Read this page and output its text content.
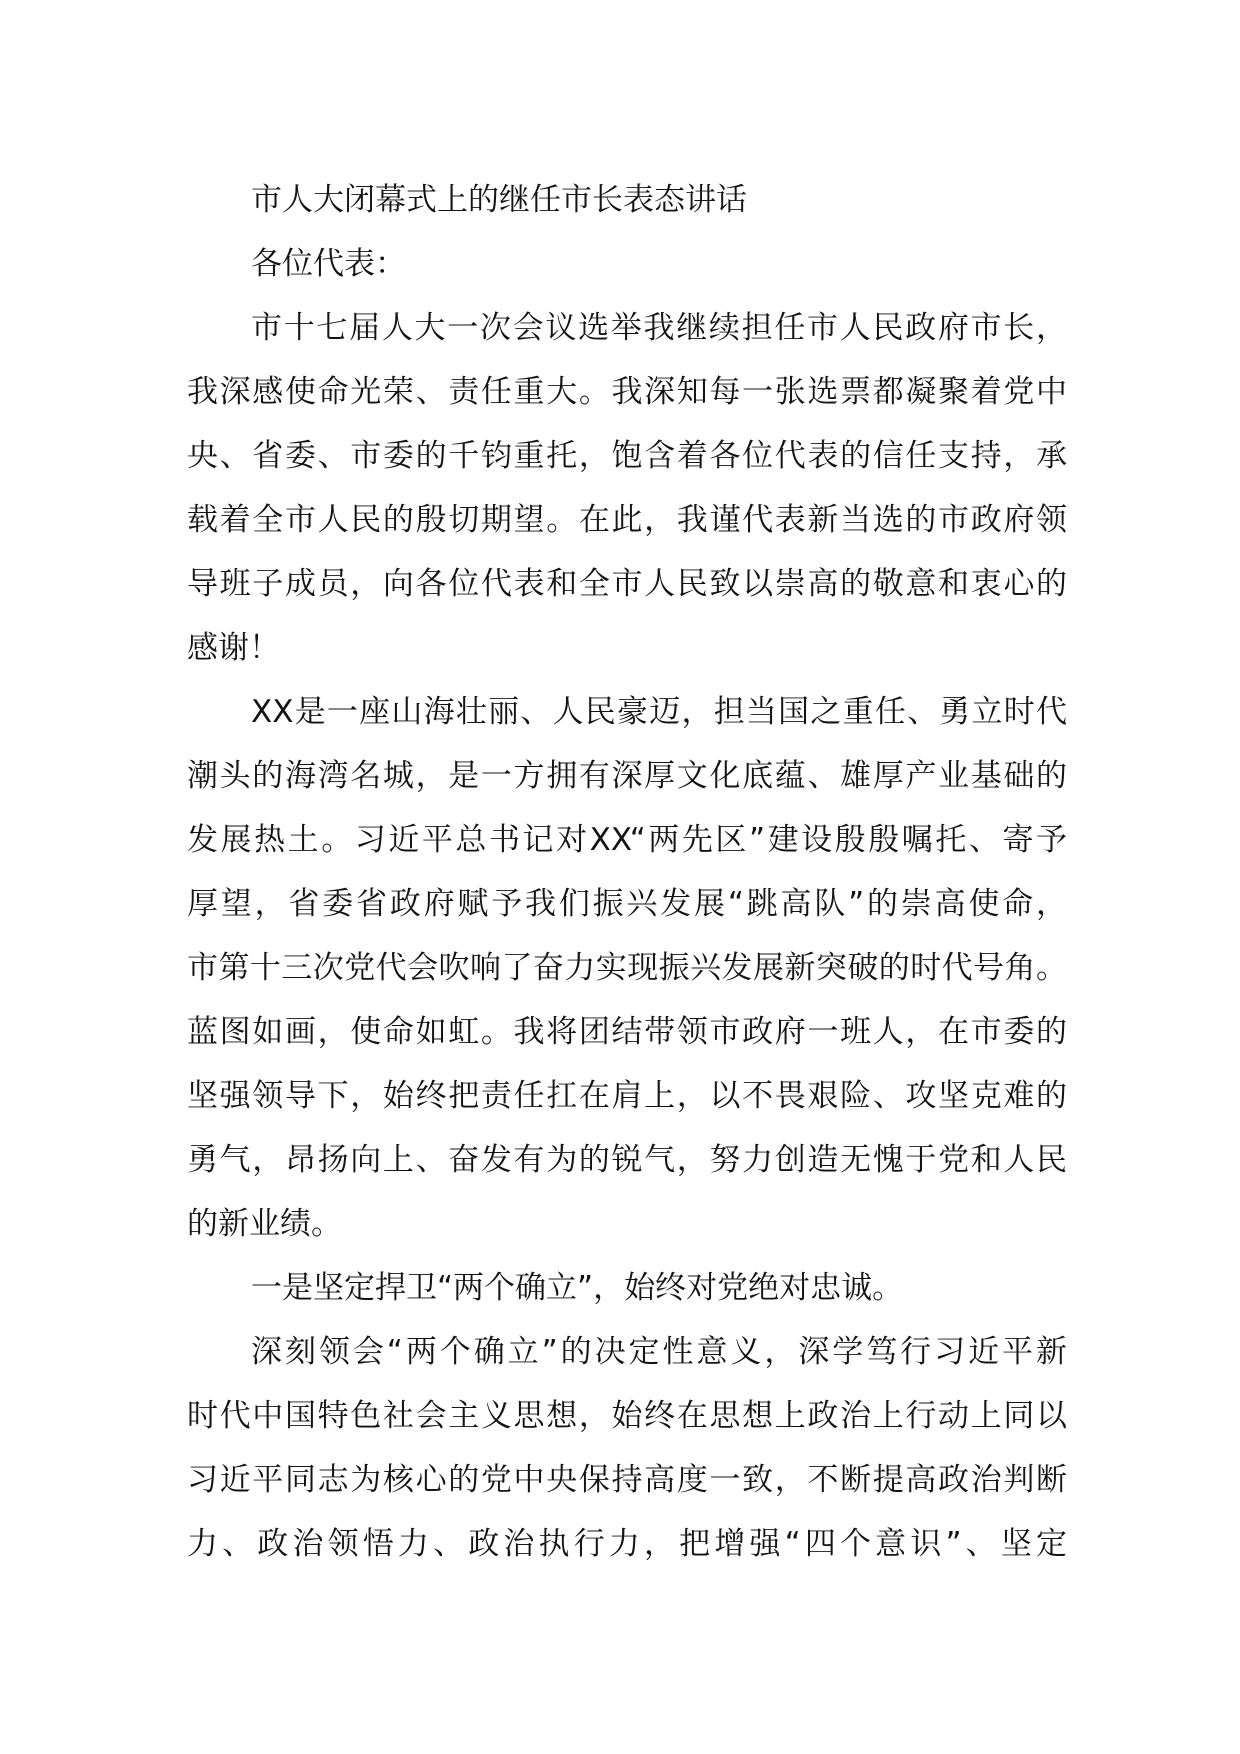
市人大闭幕式上的继任市长表态讲话
各位代表：
市十七届人大一次会议选举我继续担任市人民政府市长，
我深感使命光荣、责任重大。我深知每一张选票都凝聚着党中
央、省委、市委的千钧重托，饱含着各位代表的信任支持，承
载着全市人民的殷切期望。在此，我谨代表新当选的市政府领
导班子成员，向各位代表和全市人民致以崇高的敬意和衷心的
感谢！
XX是一座山海壮丽、人民豪迈，担当国之重任、勇立时代
潮头的海湾名城，是一方拥有深厚文化底蕴、雄厚产业基础的
发展热土。习近平总书记对XX“两先区”建设殷殷嘱托、寄予
厚望，省委省政府赋予我们振兴发展“跳高队”的崇高使命，
市第十三次党代会吹响了奋力实现振兴发展新突破的时代号角。
蓝图如画，使命如虹。我将团结带领市政府一班人，在市委的
坚强领导下，始终把责任扛在肩上，以不畏艰险、攻坚克难的
勇气，昂扬向上、奋发有为的锐气，努力创造无愧于党和人民
的新业绩。
一是坚定捍卫“两个确立”，始终对党绝对忠诚。
深刻领会“两个确立”的决定性意义，深学笃行习近平新
时代中国特色社会主义思想，始终在思想上政治上行动上同以
习近平同志为核心的党中央保持高度一致，不断提高政治判断
力、政治领悟力、政治执行力，把增强“四个意识”、坚定
